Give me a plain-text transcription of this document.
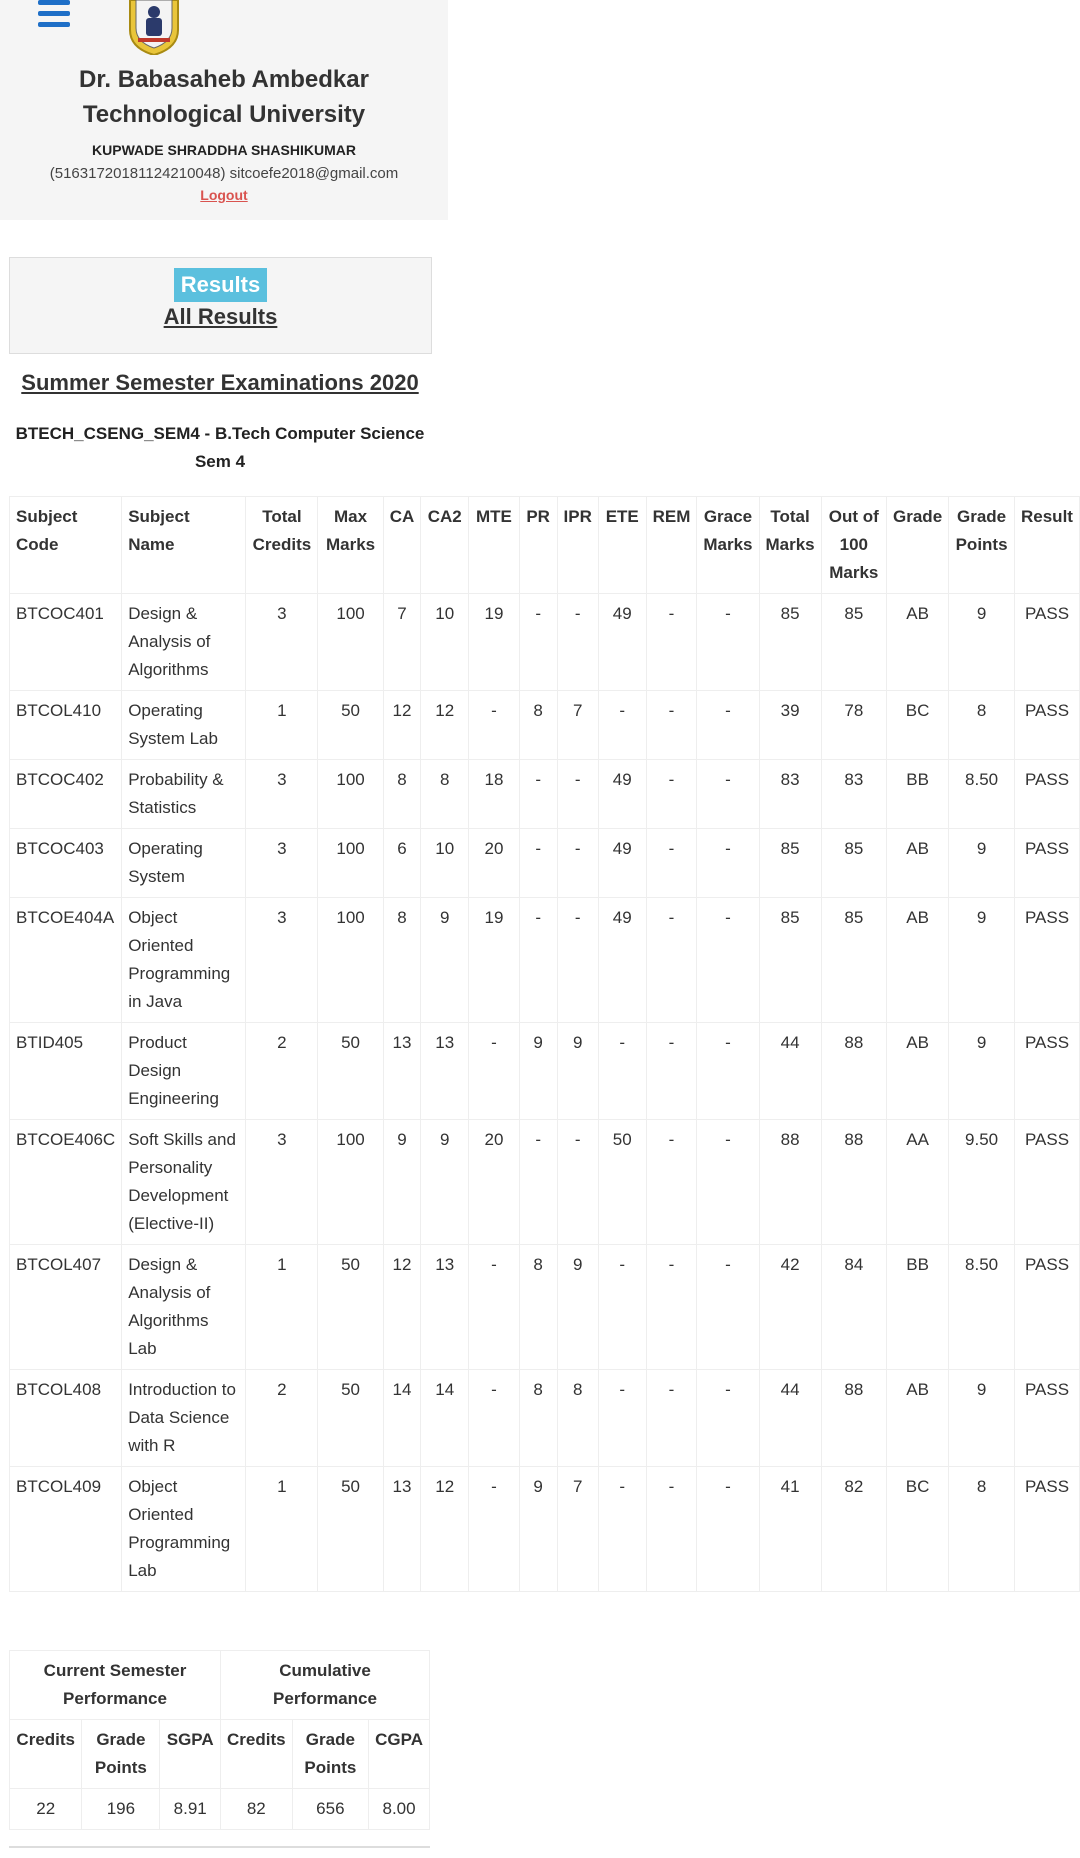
Dr. Babasaheb Ambedkar
Technological University
KUPWADE SHRADDHA SHASHIKUMAR
(51631720181124210048) sitcoefe2018@gmail.com
Logout
Results
All Results
Summer Semester Examinations 2020
BTECH_CSENG_SEM4 - B.Tech Computer Science
Sem 4
Subject Code	Subject Name	Total Credits	Max Marks	CA	CA2	MTE	PR	IPR	ETE	REM	Grace Marks	Total Marks	Out of 100 Marks	Grade	Grade Points	Result
BTCOC401	Design & Analysis of Algorithms	3	100	7	10	19	-	-	49	-	-	85	85	AB	9	PASS
BTCOL410	Operating System Lab	1	50	12	12	-	8	7	-	-	-	39	78	BC	8	PASS
BTCOC402	Probability & Statistics	3	100	8	8	18	-	-	49	-	-	83	83	BB	8.50	PASS
BTCOC403	Operating System	3	100	6	10	20	-	-	49	-	-	85	85	AB	9	PASS
BTCOE404A	Object Oriented Programming in Java	3	100	8	9	19	-	-	49	-	-	85	85	AB	9	PASS
BTID405	Product Design Engineering	2	50	13	13	-	9	9	-	-	-	44	88	AB	9	PASS
BTCOE406C	Soft Skills and Personality Development (Elective-II)	3	100	9	9	20	-	-	50	-	-	88	88	AA	9.50	PASS
BTCOL407	Design & Analysis of Algorithms Lab	1	50	12	13	-	8	9	-	-	-	42	84	BB	8.50	PASS
BTCOL408	Introduction to Data Science with R	2	50	14	14	-	8	8	-	-	-	44	88	AB	9	PASS
BTCOL409	Object Oriented Programming Lab	1	50	13	12	-	9	7	-	-	-	41	82	BC	8	PASS
Current Semester Performance			Cumulative Performance		
Credits	Grade Points	SGPA	Credits	Grade Points	CGPA
22	196	8.91	82	656	8.00
